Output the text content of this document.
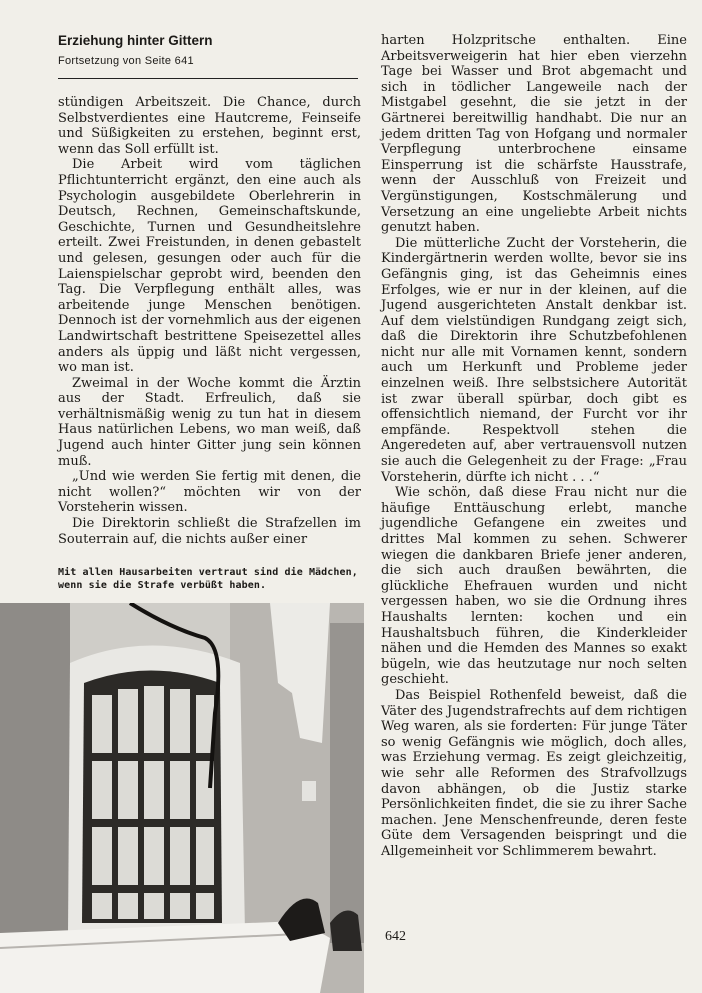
Erziehung hinter Gittern
Fortsetzung von Seite 641

stündigen Arbeitszeit. Die Chance, durch Selbstverdientes eine Hautcreme, Feinseife und Süßigkeiten zu erstehen, beginnt erst, wenn das Soll erfüllt ist.

Die Arbeit wird vom täglichen Pflichtunterricht ergänzt, den eine auch als Psychologin ausgebildete Oberlehrerin in Deutsch, Rechnen, Gemeinschaftskunde, Geschichte, Turnen und Gesundheitslehre erteilt. Zwei Freistunden, in denen gebastelt und gelesen, gesungen oder auch für die Laienspielschar geprobt wird, beenden den Tag. Die Verpflegung enthält alles, was arbeitende junge Menschen benötigen. Dennoch ist der vornehmlich aus der eigenen Landwirtschaft bestrittene Speisezettel alles anders als üppig und läßt nicht vergessen, wo man ist.

Zweimal in der Woche kommt die Ärztin aus der Stadt. Erfreulich, daß sie verhältnismäßig wenig zu tun hat in diesem Haus natürlichen Lebens, wo man weiß, daß Jugend auch hinter Gitter jung sein können muß.

„Und wie werden Sie fertig mit denen, die nicht wollen?“ möchten wir von der Vorsteherin wissen.

Die Direktorin schließt die Strafzellen im Souterrain auf, die nichts außer einer

Mit allen Hausarbeiten vertraut sind die Mädchen, wenn sie die Strafe verbüßt haben.

harten Holzpritsche enthalten. Eine Arbeitsverweigerin hat hier eben vierzehn Tage bei Wasser und Brot abgemacht und sich in tödlicher Langeweile nach der Mistgabel gesehnt, die sie jetzt in der Gärtnerei bereitwillig handhabt. Die nur an jedem dritten Tag von Hofgang und normaler Verpflegung unterbrochene einsame Einsperrung ist die schärfste Hausstrafe, wenn der Ausschluß von Freizeit und Vergünstigungen, Kostschmälerung und Versetzung an eine ungeliebte Arbeit nichts genutzt haben.

Die mütterliche Zucht der Vorsteherin, die Kindergärtnerin werden wollte, bevor sie ins Gefängnis ging, ist das Geheimnis eines Erfolges, wie er nur in der kleinen, auf die Jugend ausgerichteten Anstalt denkbar ist. Auf dem vielstündigen Rundgang zeigt sich, daß die Direktorin ihre Schutzbefohlenen nicht nur alle mit Vornamen kennt, sondern auch um Herkunft und Probleme jeder einzelnen weiß. Ihre selbstsichere Autorität ist zwar überall spürbar, doch gibt es offensichtlich niemand, der Furcht vor ihr empfände. Respektvoll stehen die Angeredeten auf, aber vertrauensvoll nutzen sie auch die Gelegenheit zu der Frage: „Frau Vorsteherin, dürfte ich nicht . . .“

Wie schön, daß diese Frau nicht nur die häufige Enttäuschung erlebt, manche jugendliche Gefangene ein zweites und drittes Mal kommen zu sehen. Schwerer wiegen die dankbaren Briefe jener anderen, die sich auch draußen bewährten, die glückliche Ehefrauen wurden und nicht vergessen haben, wo sie die Ordnung ihres Haushalts lernten: kochen und ein Haushaltsbuch führen, die Kinderkleider nähen und die Hemden des Mannes so exakt bügeln, wie das heutzutage nur noch selten geschieht.

Das Beispiel Rothenfeld beweist, daß die Väter des Jugendstrafrechts auf dem richtigen Weg waren, als sie forderten: Für junge Täter so wenig Gefängnis wie möglich, doch alles, was Erziehung vermag. Es zeigt gleichzeitig, wie sehr alle Reformen des Strafvollzugs davon abhängen, ob die Justiz starke Persönlichkeiten findet, die sie zu ihrer Sache machen. Jene Menschenfreunde, deren feste Güte dem Versagenden beispringt und die Allgemeinheit vor Schlimmerem bewahrt.

642
